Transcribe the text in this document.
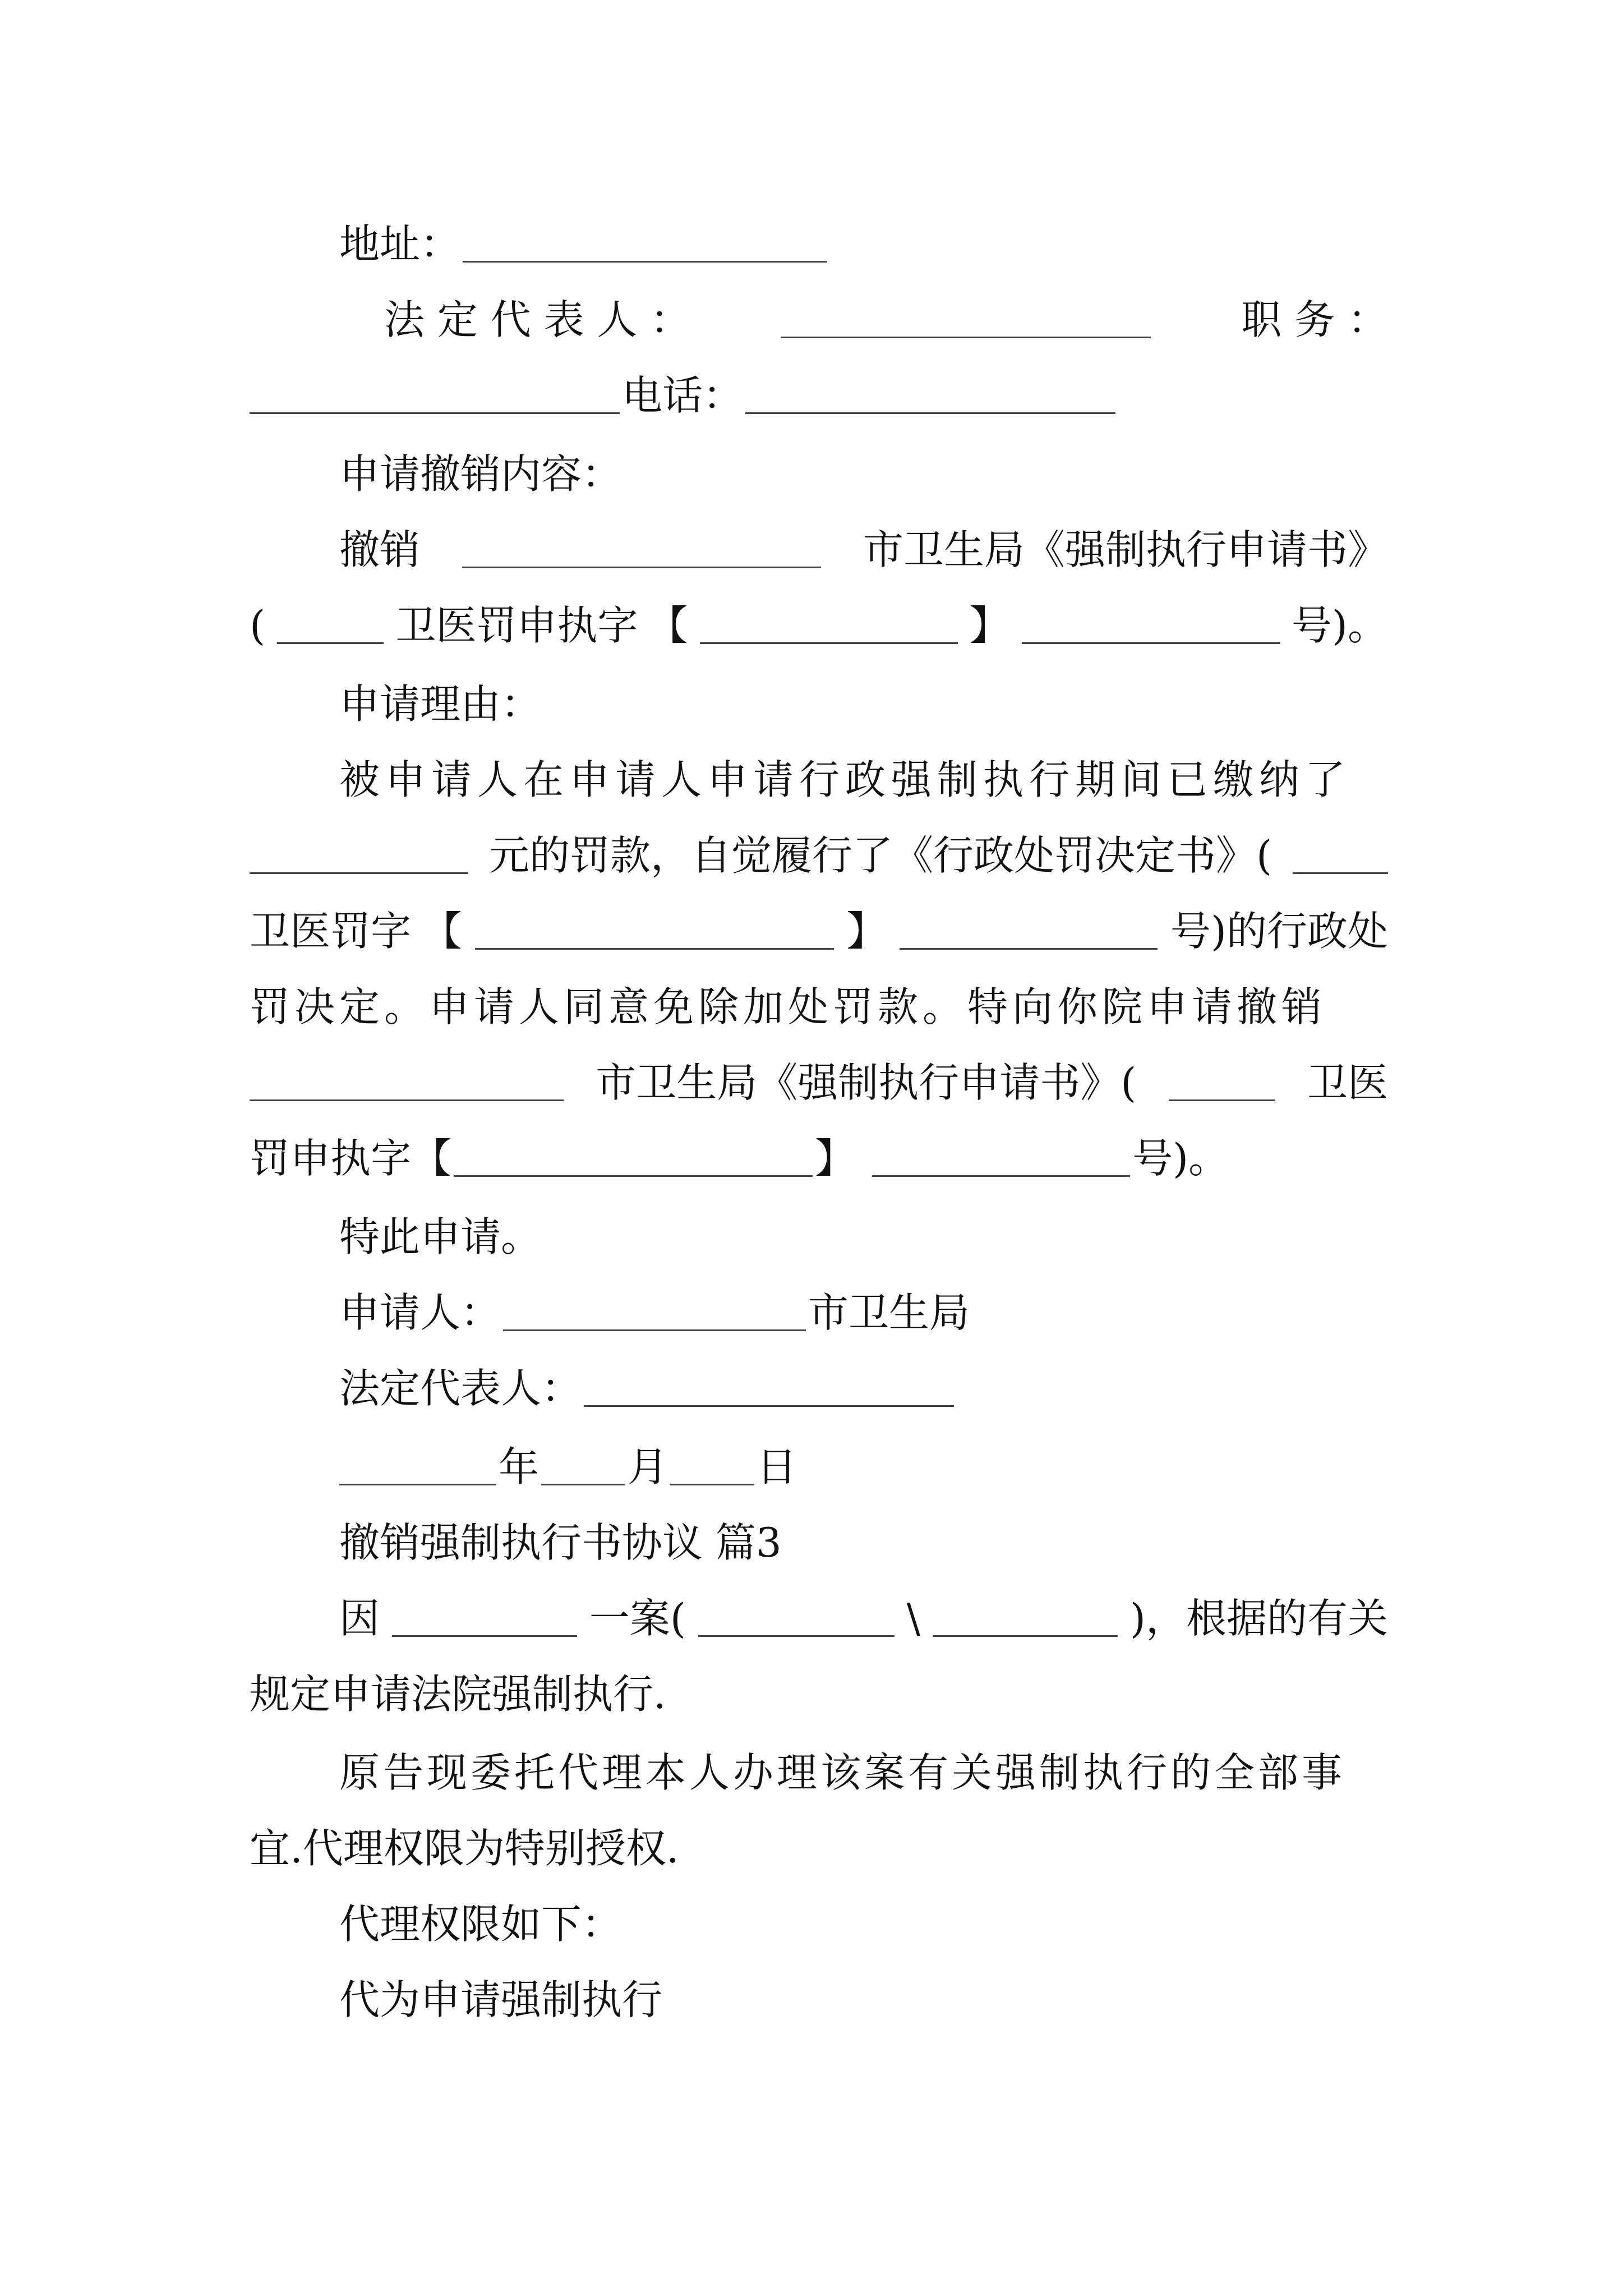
地址：
法 定 代 表 人 ：	职 务 ：
电话：
申请撤销内容：
撤销	市卫生局《强制执行申请书》
(	卫医罚申执字 【	】	号)。
申请理由：
被申请人在申请人申请行政强制执行期间已缴纳了
元的罚款，自觉履行了《行政处罚决定书》(
卫医罚字 【	】	号)的行政处
罚决定。申请人同意免除加处罚款。特向你院申请撤销
市卫生局《强制执行申请书》(	卫医
罚申执字【	】	号)。
特此申请。
申请人：	市卫生局
法定代表人：
年 月 日
撤销强制执行书协议 篇3
因	一案(	\	)，根据的有关
规定申请法院强制执行.
原告现委托代理本人办理该案有关强制执行的全部事
宜.代理权限为特别授权.
代理权限如下：
代为申请强制执行
